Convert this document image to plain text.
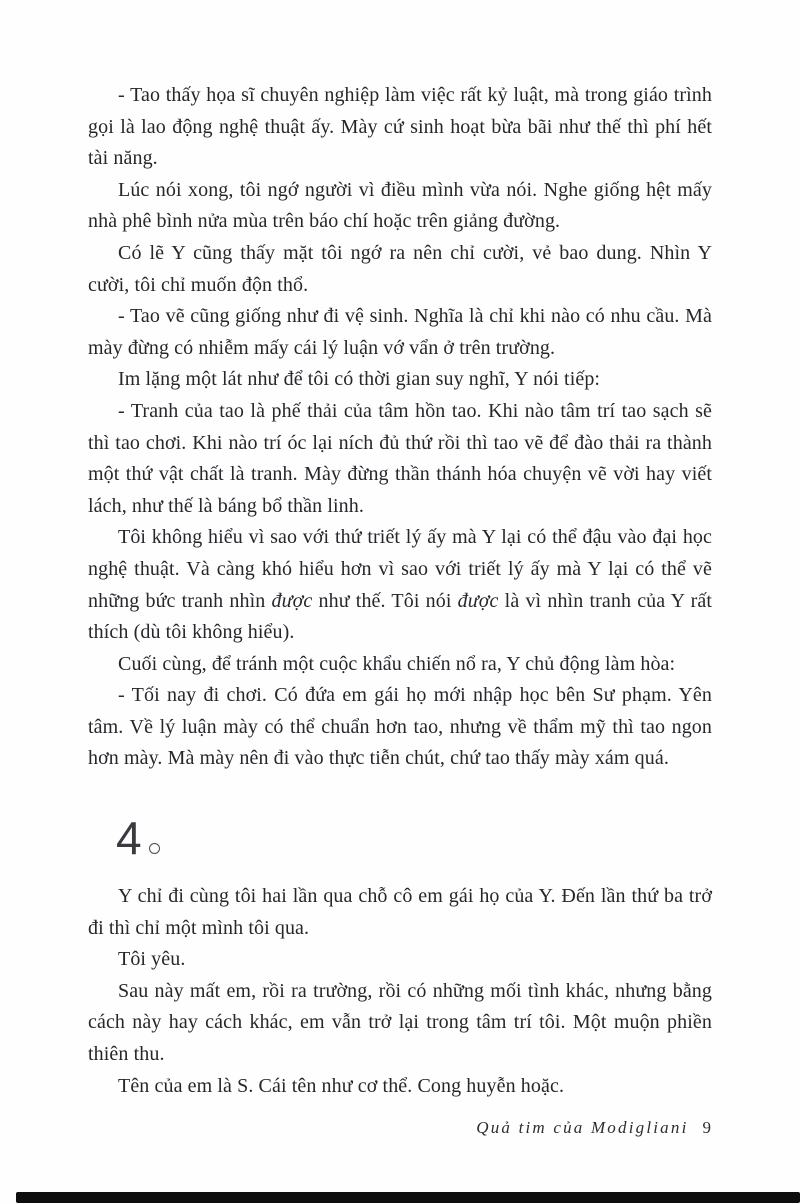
- Tao thấy họa sĩ chuyên nghiệp làm việc rất kỷ luật, mà trong giáo trình gọi là lao động nghệ thuật ấy. Mày cứ sinh hoạt bừa bãi như thế thì phí hết tài năng.

Lúc nói xong, tôi ngớ người vì điều mình vừa nói. Nghe giống hệt mấy nhà phê bình nửa mùa trên báo chí hoặc trên giảng đường.

Có lẽ Y cũng thấy mặt tôi ngớ ra nên chỉ cười, vẻ bao dung. Nhìn Y cười, tôi chỉ muốn độn thổ.

- Tao vẽ cũng giống như đi vệ sinh. Nghĩa là chỉ khi nào có nhu cầu. Mà mày đừng có nhiễm mấy cái lý luận vớ vẩn ở trên trường.

Im lặng một lát như để tôi có thời gian suy nghĩ, Y nói tiếp:

- Tranh của tao là phế thải của tâm hồn tao. Khi nào tâm trí tao sạch sẽ thì tao chơi. Khi nào trí óc lại ních đủ thứ rồi thì tao vẽ để đào thải ra thành một thứ vật chất là tranh. Mày đừng thần thánh hóa chuyện vẽ vời hay viết lách, như thế là báng bổ thần linh.

Tôi không hiểu vì sao với thứ triết lý ấy mà Y lại có thể đậu vào đại học nghệ thuật. Và càng khó hiểu hơn vì sao với triết lý ấy mà Y lại có thể vẽ những bức tranh nhìn được như thế. Tôi nói được là vì nhìn tranh của Y rất thích (dù tôi không hiểu).

Cuối cùng, để tránh một cuộc khẩu chiến nổ ra, Y chủ động làm hòa:

- Tối nay đi chơi. Có đứa em gái họ mới nhập học bên Sư phạm. Yên tâm. Về lý luận mày có thể chuẩn hơn tao, nhưng về thẩm mỹ thì tao ngon hơn mày. Mà mày nên đi vào thực tiễn chút, chứ tao thấy mày xám quá.

4

Y chỉ đi cùng tôi hai lần qua chỗ cô em gái họ của Y. Đến lần thứ ba trở đi thì chỉ một mình tôi qua.

Tôi yêu.

Sau này mất em, rồi ra trường, rồi có những mối tình khác, nhưng bằng cách này hay cách khác, em vẫn trở lại trong tâm trí tôi. Một muộn phiền thiên thu.

Tên của em là S. Cái tên như cơ thể. Cong huyễn hoặc.

Quả tim của Modigliani 9
